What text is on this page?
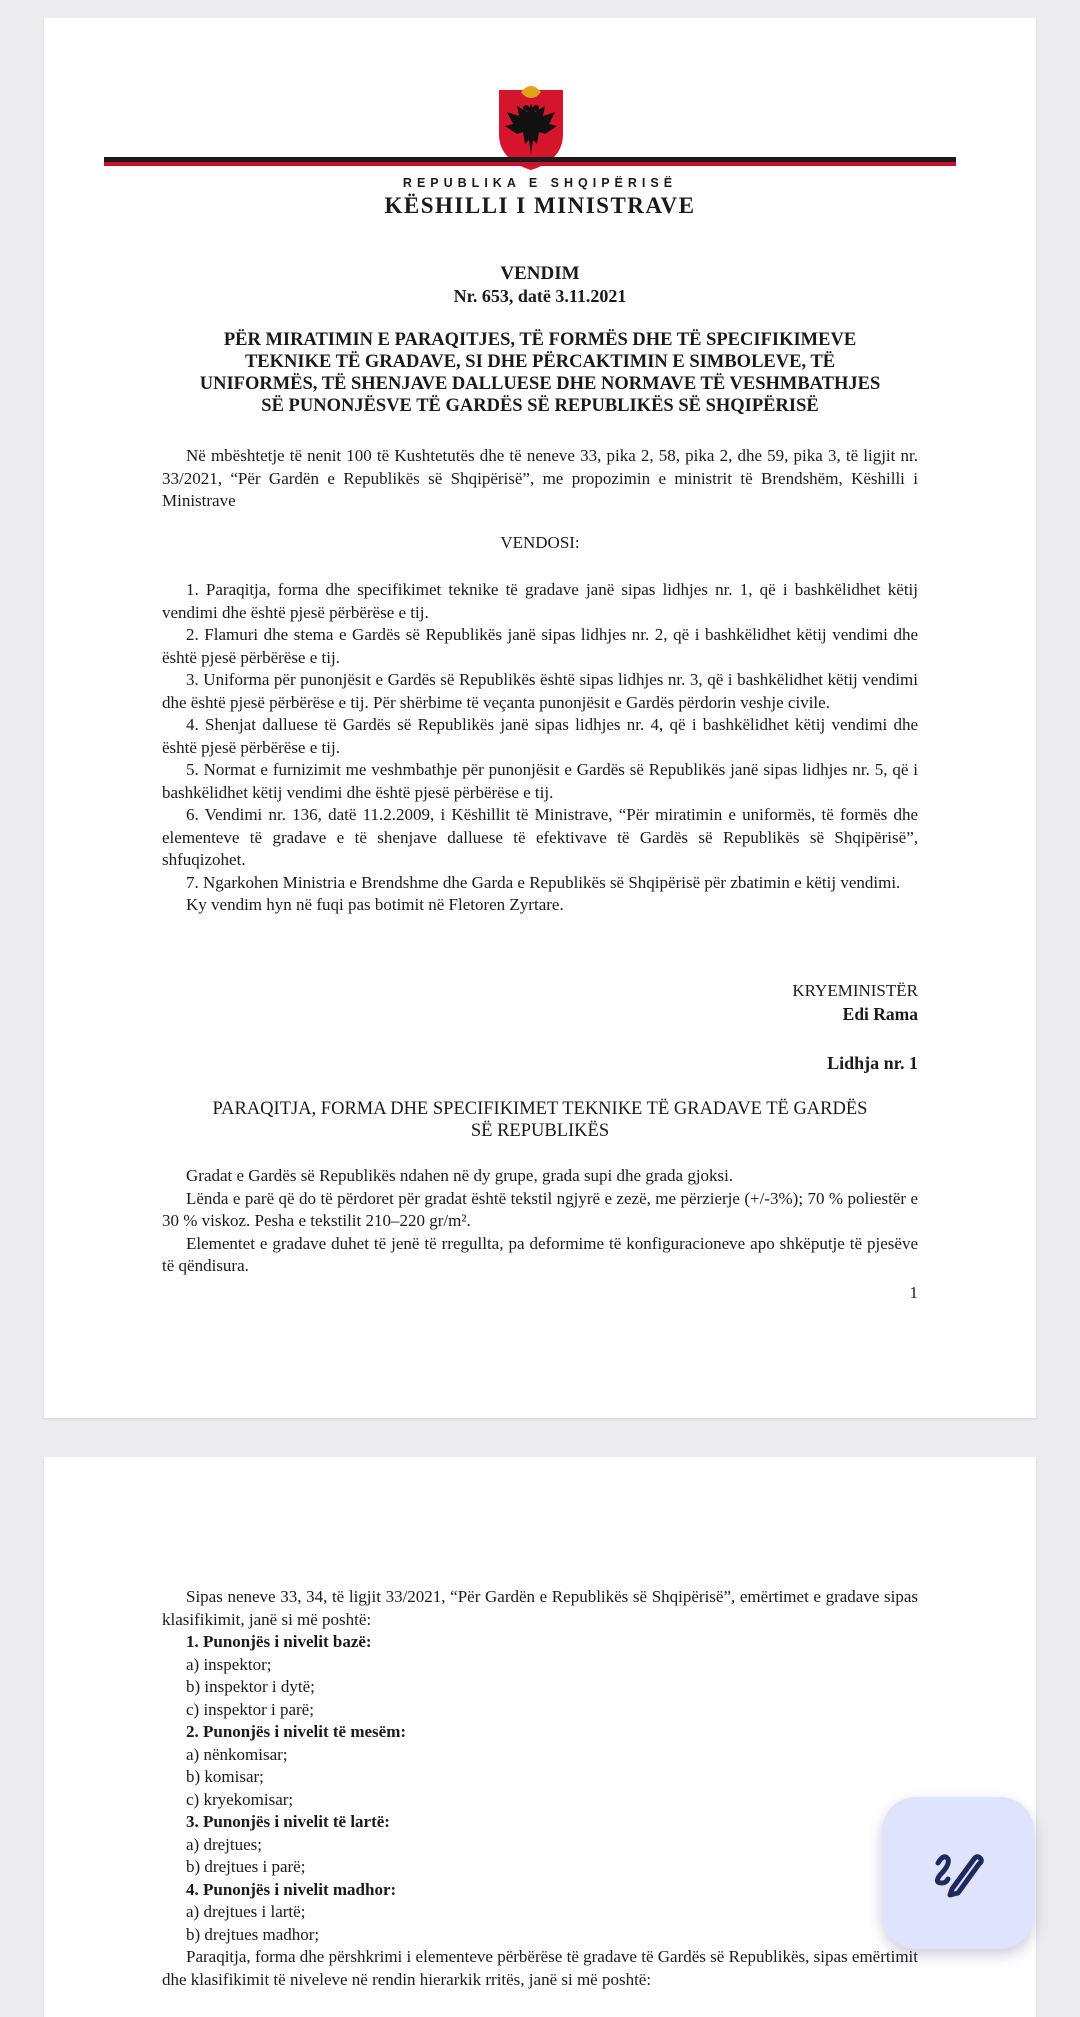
REPUBLIKA E SHQIPËRISË
KËSHILLI I MINISTRAVE
VENDIM
Nr. 653, datë 3.11.2021
PËR MIRATIMIN E PARAQITJES, TË FORMËS DHE TË SPECIFIKIMEVE
TEKNIKE TË GRADAVE, SI DHE PËRCAKTIMIN E SIMBOLEVE, TË
UNIFORMËS, TË SHENJAVE DALLUESE DHE NORMAVE TË VESHMBATHJES
SË PUNONJËSVE TË GARDËS SË REPUBLIKËS SË SHQIPËRISË
Në mbështetje të nenit 100 të Kushtetutës dhe të neneve 33, pika 2, 58, pika 2, dhe 59, pika 3, të ligjit nr. 33/2021, “Për Gardën e Republikës së Shqipërisë”, me propozimin e ministrit të Brendshëm, Këshilli i Ministrave
VENDOSI:

1. Paraqitja, forma dhe specifikimet teknike të gradave janë sipas lidhjes nr. 1, që i bashkëlidhet këtij vendimi dhe është pjesë përbërëse e tij.

2. Flamuri dhe stema e Gardës së Republikës janë sipas lidhjes nr. 2, që i bashkëlidhet këtij vendimi dhe është pjesë përbërëse e tij.

3. Uniforma për punonjësit e Gardës së Republikës është sipas lidhjes nr. 3, që i bashkëlidhet këtij vendimi dhe është pjesë përbërëse e tij. Për shërbime të veçanta punonjësit e Gardës përdorin veshje civile.

4. Shenjat dalluese të Gardës së Republikës janë sipas lidhjes nr. 4, që i bashkëlidhet këtij vendimi dhe është pjesë përbërëse e tij.

5. Normat e furnizimit me veshmbathje për punonjësit e Gardës së Republikës janë sipas lidhjes nr. 5, që i bashkëlidhet këtij vendimi dhe është pjesë përbërëse e tij.

6. Vendimi nr. 136, datë 11.2.2009, i Këshillit të Ministrave, “Për miratimin e uniformës, të formës dhe elementeve të gradave e të shenjave dalluese të efektivave të Gardës së Republikës së Shqipërisë”, shfuqizohet.

7. Ngarkohen Ministria e Brendshme dhe Garda e Republikës së Shqipërisë për zbatimin e këtij vendimi.

Ky vendim hyn në fuqi pas botimit në Fletoren Zyrtare.

KRYEMINISTËR
Edi Rama
Lidhja nr. 1
PARAQITJA, FORMA DHE SPECIFIKIMET TEKNIKE TË GRADAVE TË GARDËS
SË REPUBLIKËS

Gradat e Gardës së Republikës ndahen në dy grupe, grada supi dhe grada gjoksi.

Lënda e parë që do të përdoret për gradat është tekstil ngjyrë e zezë, me përzierje (+/-3%); 70 % poliestër e 30 % viskoz. Pesha e tekstilit 210–220 gr/m².

Elementet e gradave duhet të jenë të rregullta, pa deformime të konfiguracioneve apo shkëputje të pjesëve të qëndisura.

1

Sipas neneve 33, 34, të ligjit 33/2021, “Për Gardën e Republikës së Shqipërisë”, emërtimet e gradave sipas klasifikimit, janë si më poshtë:

1. Punonjës i nivelit bazë:

a) inspektor;

b) inspektor i dytë;

c) inspektor i parë;

2. Punonjës i nivelit të mesëm:

a) nënkomisar;

b) komisar;

c) kryekomisar;

3. Punonjës i nivelit të lartë:

a) drejtues;

b) drejtues i parë;

4. Punonjës i nivelit madhor:

a) drejtues i lartë;

b) drejtues madhor;

Paraqitja, forma dhe përshkrimi i elementeve përbërëse të gradave të Gardës së Republikës, sipas emërtimit dhe klasifikimit të niveleve në rendin hierarkik rritës, janë si më poshtë:
